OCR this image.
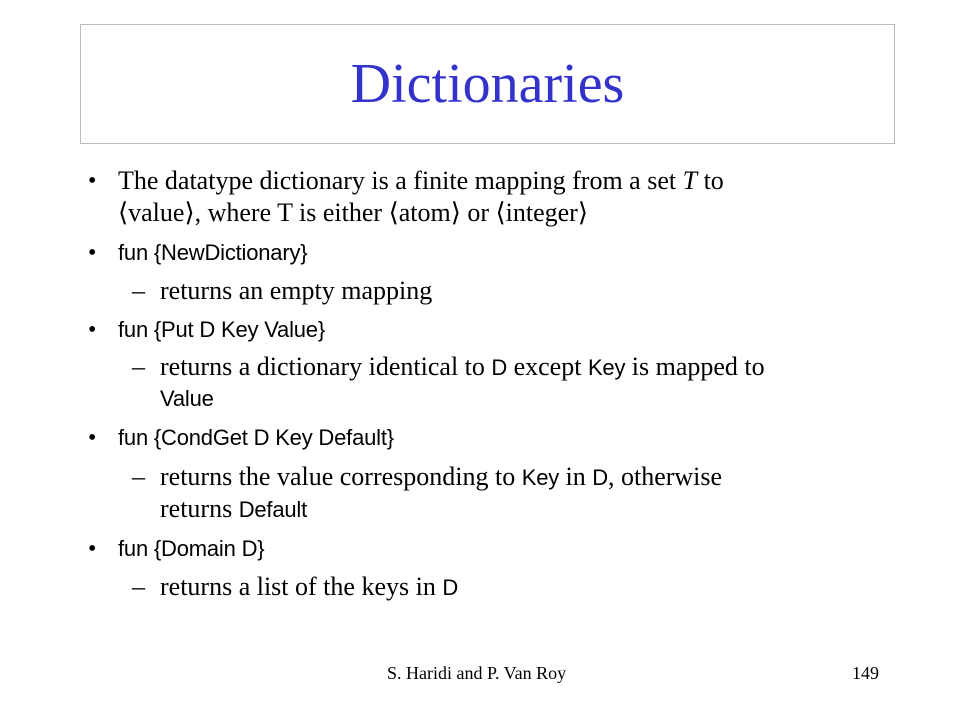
Dictionaries
• The datatype dictionary is a finite mapping from a set T to
⟨value⟩, where T is either ⟨atom⟩ or ⟨integer⟩
• fun {NewDictionary}
– returns an empty mapping
• fun {Put D Key Value}
– returns a dictionary identical to D except Key is mapped to
Value
• fun {CondGet D Key Default}
– returns the value corresponding to Key in D, otherwise
returns Default
• fun {Domain D}
– returns a list of the keys in D
S. Haridi and P. Van Roy	149
